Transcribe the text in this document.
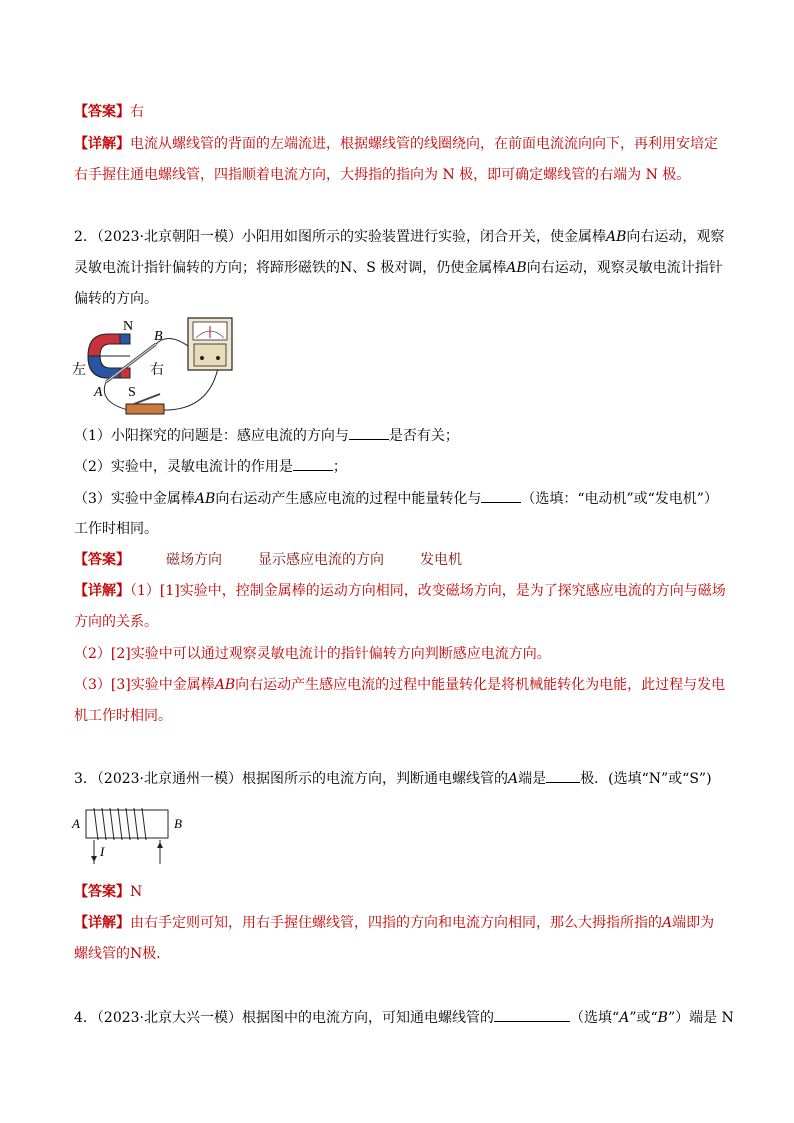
【答案】右
【详解】电流从螺线管的背面的左端流进，根据螺线管的线圈绕向，在前面电流流向向下，再利用安培定
右手握住通电螺线管，四指顺着电流方向，大拇指的指向为 N 极，即可确定螺线管的右端为 N 极。
2．（2023·北京朝阳一模）小阳用如图所示的实验装置进行实验，闭合开关，使金属棒AB向右运动，观察
灵敏电流计指针偏转的方向；将蹄形磁铁的N、S 极对调，仍使金属棒AB向右运动，观察灵敏电流计指针
偏转的方向。
N
S
A
B
左	右
（1）小阳探究的问题是：感应电流的方向与	是否有关；
（2）实验中，灵敏电流计的作用是	；
（3）实验中金属棒AB向右运动产生感应电流的过程中能量转化与	（选填：“电动机”或“发电机”）
工作时相同。
【答案】	磁场方向	显示感应电流的方向	发电机
【详解】（1）[1]实验中，控制金属棒的运动方向相同，改变磁场方向，是为了探究感应电流的方向与磁场
方向的关系。
（2）[2]实验中可以通过观察灵敏电流计的指针偏转方向判断感应电流方向。
（3）[3]实验中金属棒AB向右运动产生感应电流的过程中能量转化是将机械能转化为电能，此过程与发电
机工作时相同。
3．（2023·北京通州一模）根据图所示的电流方向，判断通电螺线管的A端是 极．(选填“N”或“S”)
A	B
I
【答案】N
【详解】由右手定则可知，用右手握住螺线管，四指的方向和电流方向相同，那么大拇指所指的A端即为
螺线管的N极．
4．（2023·北京大兴一模）根据图中的电流方向，可知通电螺线管的	（选填“A”或“B”）端是 N
